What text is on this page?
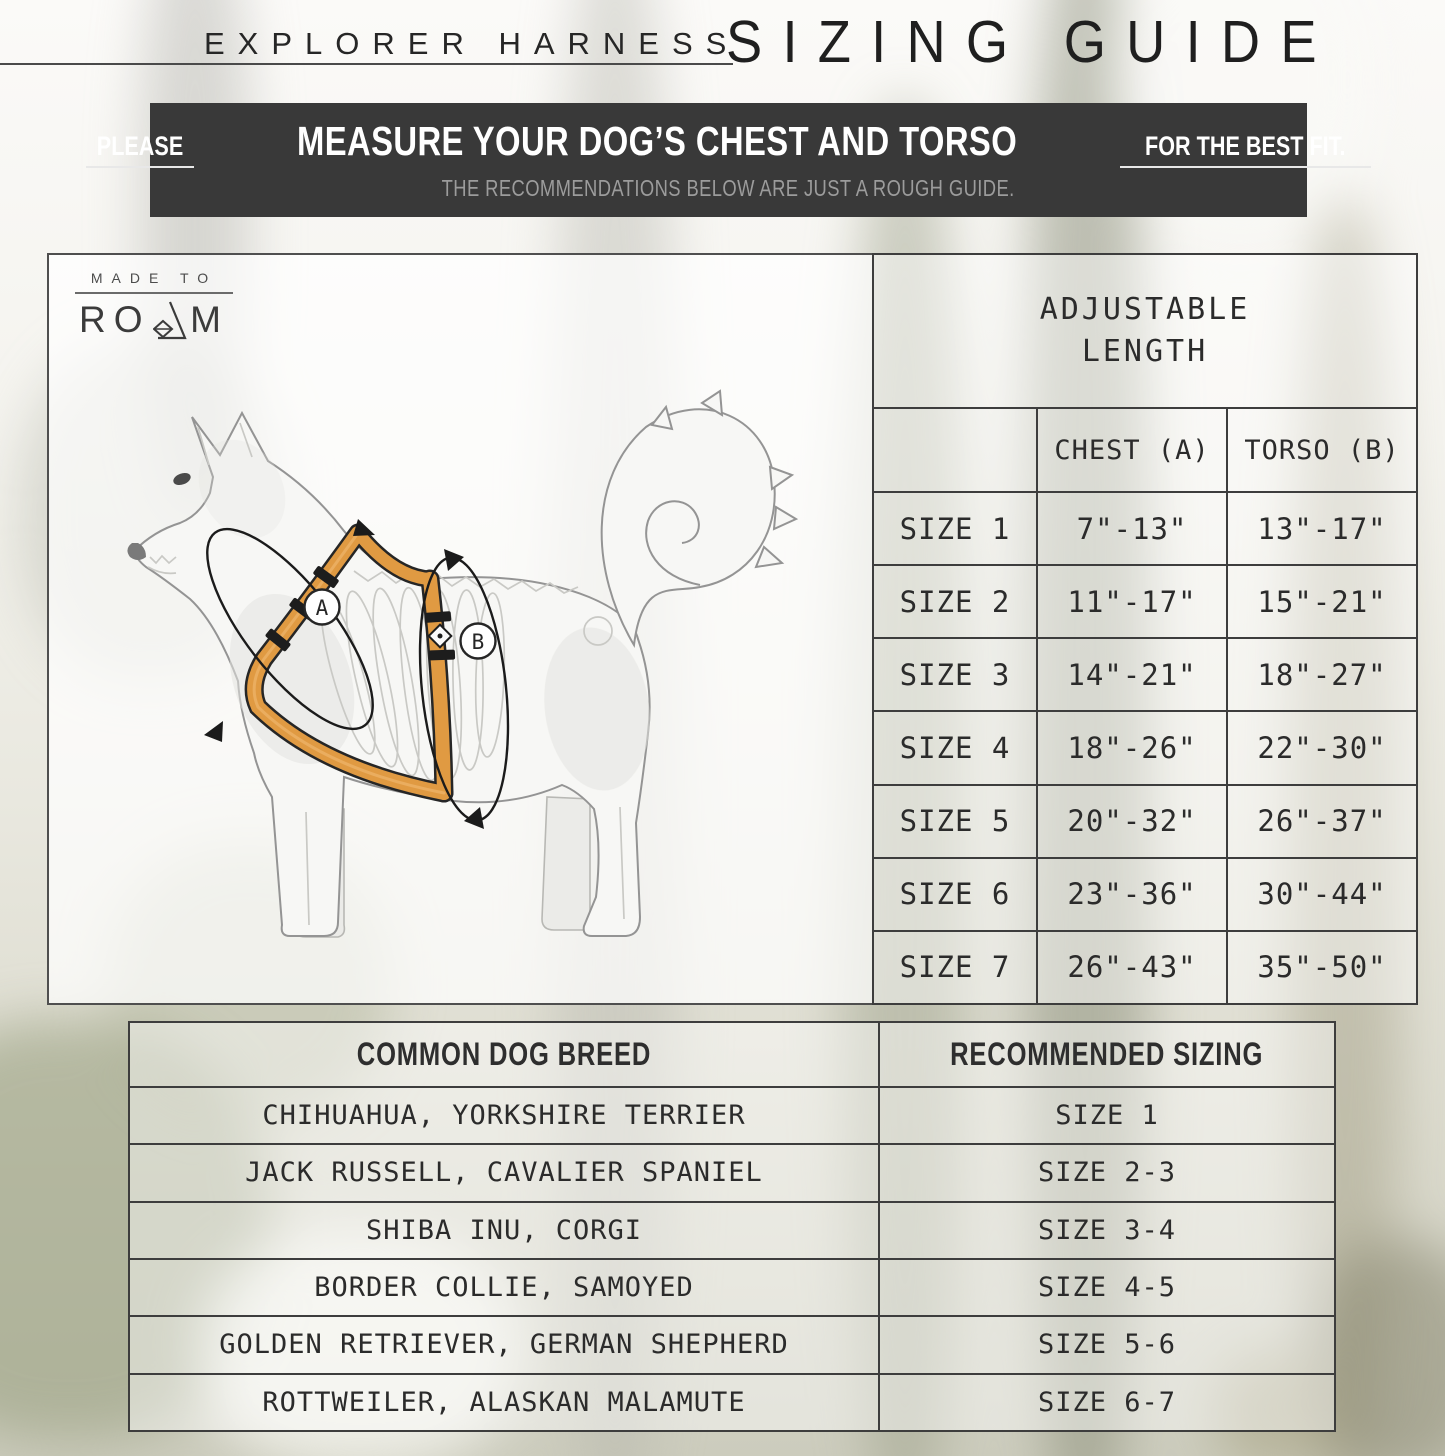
EXPLORER HARNESS
SIZING GUIDE
PLEASE	MEASURE YOUR DOG’S CHEST AND TORSO	FOR THE BEST FIT.
THE RECOMMENDATIONS BELOW ARE JUST A ROUGH GUIDE.
MADE TO
RO M
A
B
ADJUSTABLE LENGTH
CHEST (A) TORSO (B)
SIZE 1 7"-13" 13"-17"
SIZE 2 11"-17" 15"-21"
SIZE 3 14"-21" 18"-27"
SIZE 4 18"-26" 22"-30"
SIZE 5 20"-32" 26"-37"
SIZE 6 23"-36" 30"-44"
SIZE 7 26"-43" 35"-50"
COMMON DOG BREED	RECOMMENDED SIZING
CHIHUAHUA, YORKSHIRE TERRIER	SIZE 1
JACK RUSSELL, CAVALIER SPANIEL	SIZE 2-3
SHIBA INU, CORGI	SIZE 3-4
BORDER COLLIE, SAMOYED	SIZE 4-5
GOLDEN RETRIEVER, GERMAN SHEPHERD	SIZE 5-6
ROTTWEILER, ALASKAN MALAMUTE	SIZE 6-7
